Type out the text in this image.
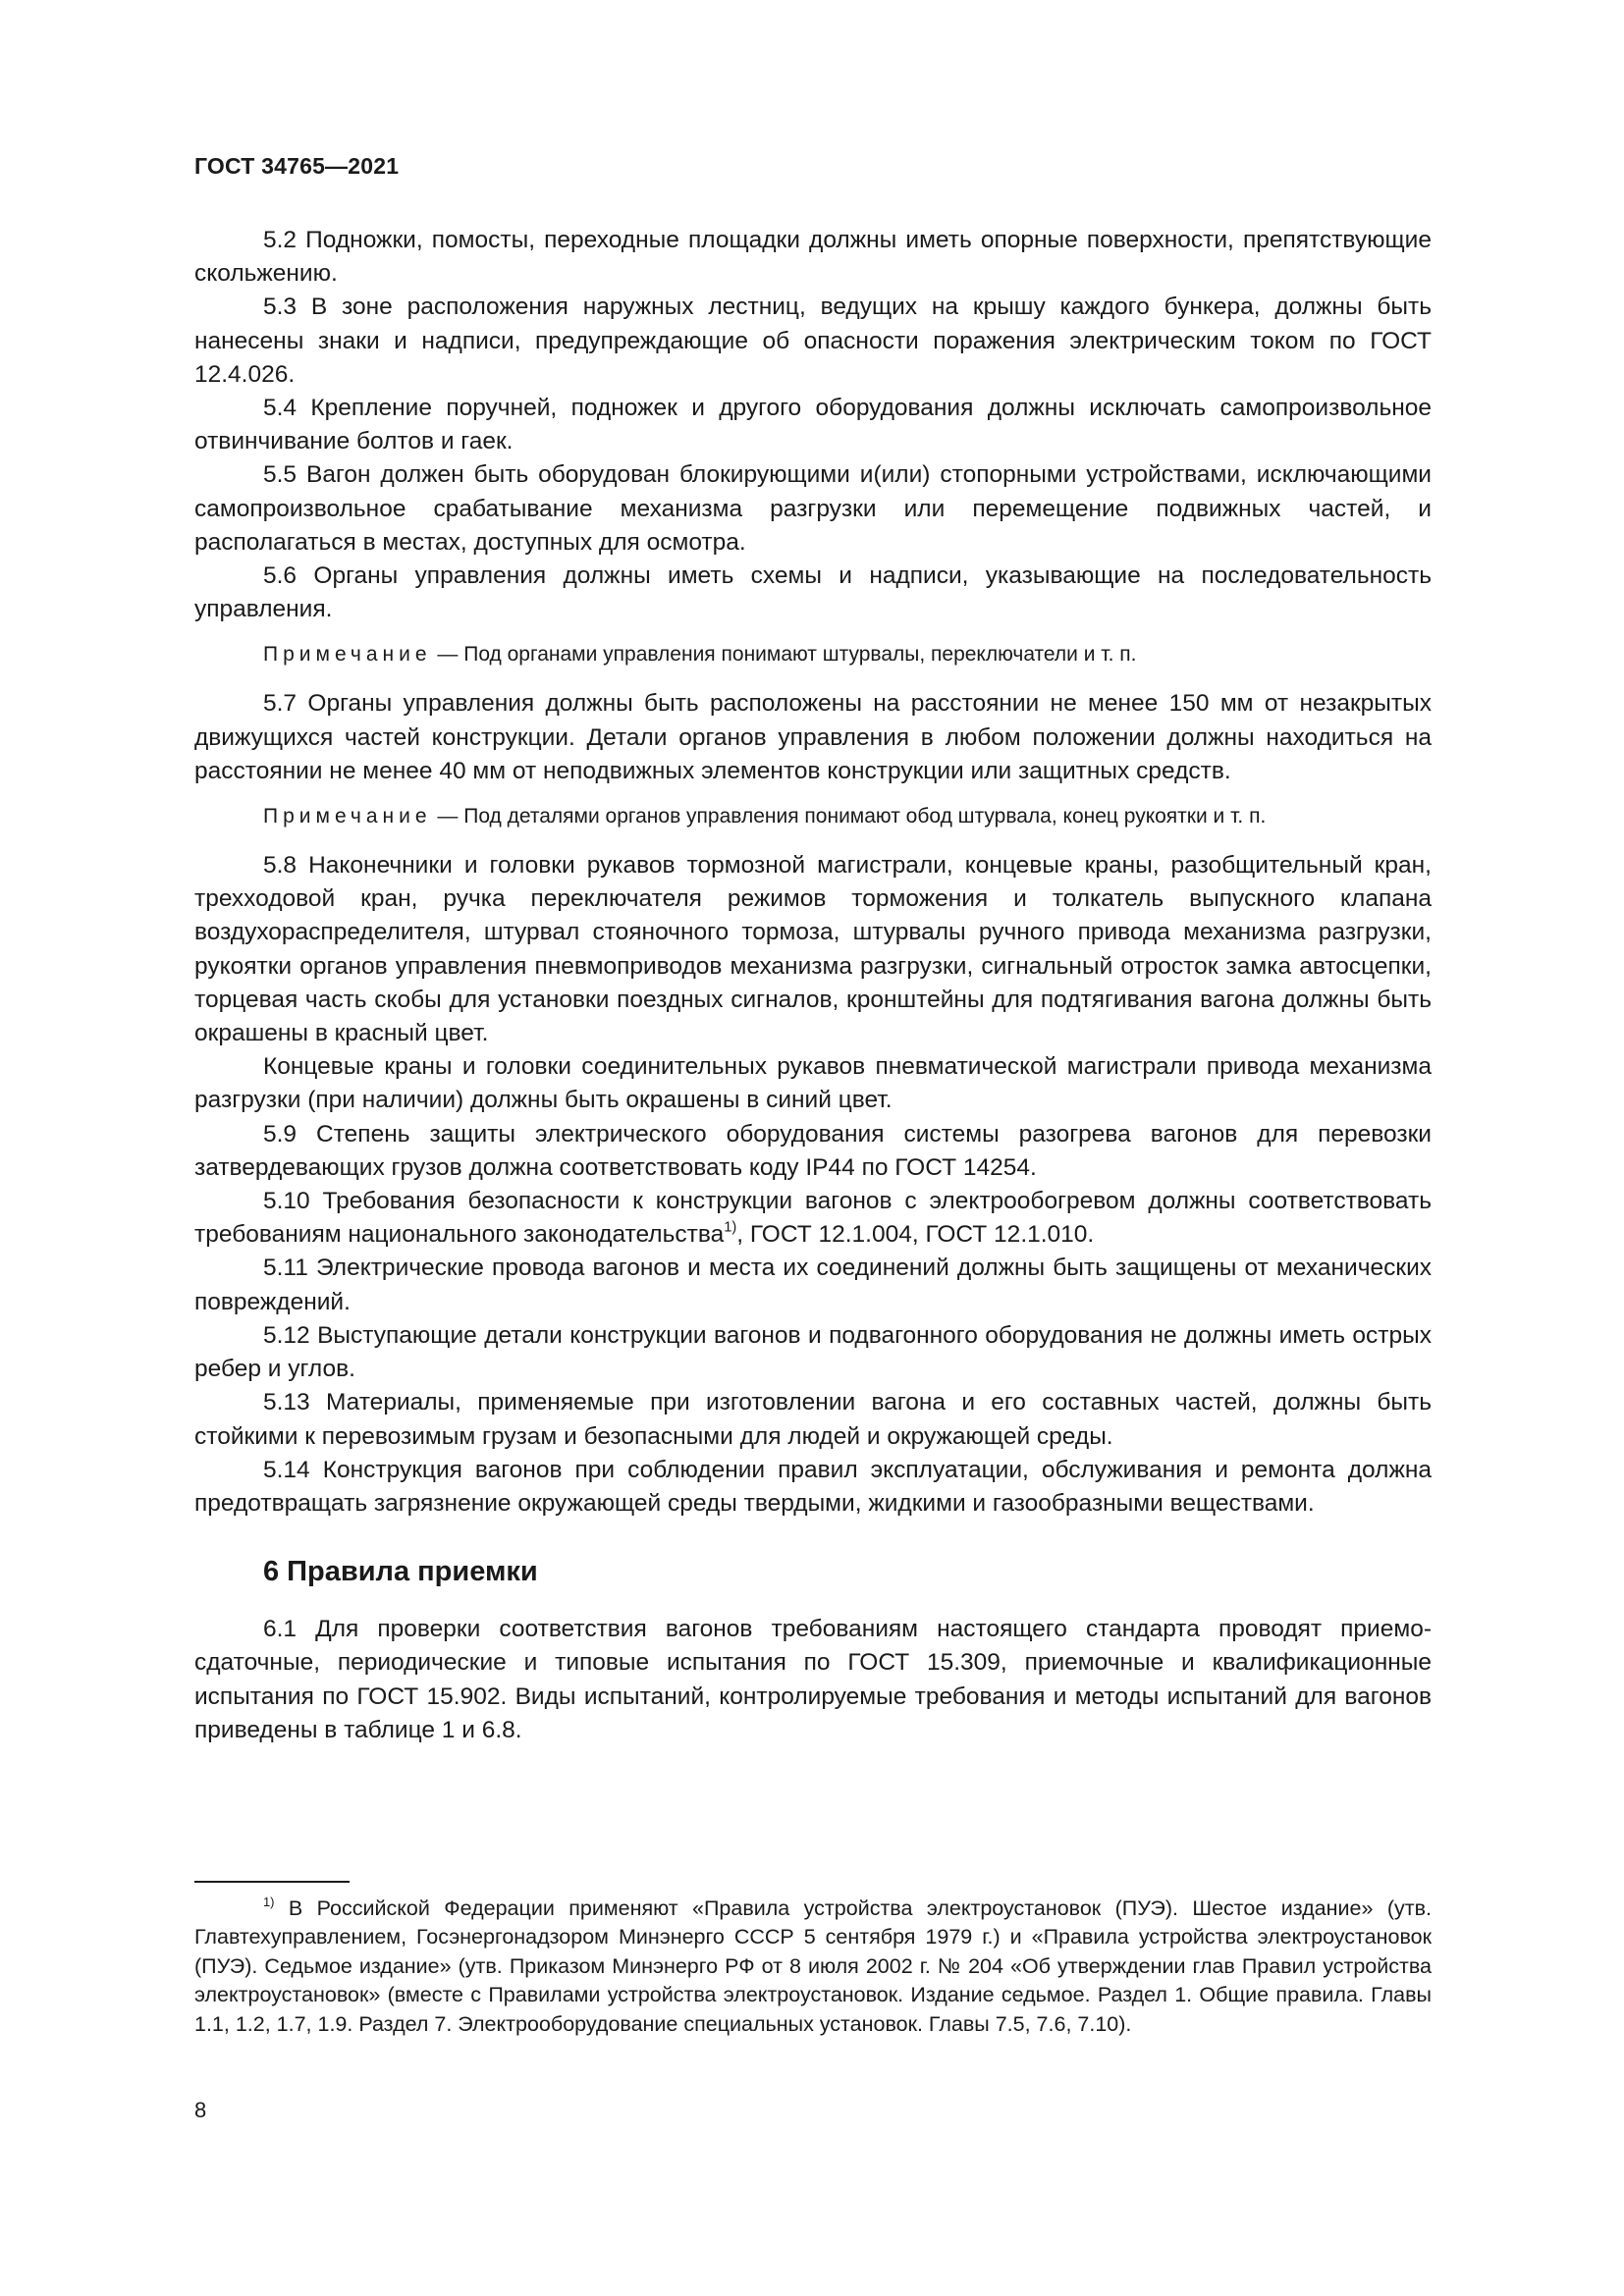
ГОСТ 34765—2021

5.2 Подножки, помосты, переходные площадки должны иметь опорные поверхности, препятствующие скольжению.

5.3 В зоне расположения наружных лестниц, ведущих на крышу каждого бункера, должны быть нанесены знаки и надписи, предупреждающие об опасности поражения электрическим током по ГОСТ 12.4.026.

5.4 Крепление поручней, подножек и другого оборудования должны исключать самопроизвольное отвинчивание болтов и гаек.

5.5 Вагон должен быть оборудован блокирующими и(или) стопорными устройствами, исключающими самопроизвольное срабатывание механизма разгрузки или перемещение подвижных частей, и располагаться в местах, доступных для осмотра.

5.6 Органы управления должны иметь схемы и надписи, указывающие на последовательность управления.

Примечание — Под органами управления понимают штурвалы, переключатели и т. п.

5.7 Органы управления должны быть расположены на расстоянии не менее 150 мм от незакрытых движущихся частей конструкции. Детали органов управления в любом положении должны находиться на расстоянии не менее 40 мм от неподвижных элементов конструкции или защитных средств.

Примечание — Под деталями органов управления понимают обод штурвала, конец рукоятки и т. п.

5.8 Наконечники и головки рукавов тормозной магистрали, концевые краны, разобщительный кран, трехходовой кран, ручка переключателя режимов торможения и толкатель выпускного клапана воздухораспределителя, штурвал стояночного тормоза, штурвалы ручного привода механизма разгрузки, рукоятки органов управления пневмоприводов механизма разгрузки, сигнальный отросток замка автосцепки, торцевая часть скобы для установки поездных сигналов, кронштейны для подтягивания вагона должны быть окрашены в красный цвет.

Концевые краны и головки соединительных рукавов пневматической магистрали привода механизма разгрузки (при наличии) должны быть окрашены в синий цвет.

5.9 Степень защиты электрического оборудования системы разогрева вагонов для перевозки затвердевающих грузов должна соответствовать коду IP44 по ГОСТ 14254.

5.10 Требования безопасности к конструкции вагонов с электрообогревом должны соответствовать требованиям национального законодательства$^{1)}$, ГОСТ 12.1.004, ГОСТ 12.1.010.

5.11 Электрические провода вагонов и места их соединений должны быть защищены от механических повреждений.

5.12 Выступающие детали конструкции вагонов и подвагонного оборудования не должны иметь острых ребер и углов.

5.13 Материалы, применяемые при изготовлении вагона и его составных частей, должны быть стойкими к перевозимым грузам и безопасными для людей и окружающей среды.

5.14 Конструкция вагонов при соблюдении правил эксплуатации, обслуживания и ремонта должна предотвращать загрязнение окружающей среды твердыми, жидкими и газообразными веществами.

6 Правила приемки

6.1 Для проверки соответствия вагонов требованиям настоящего стандарта проводят приемо-сдаточные, периодические и типовые испытания по ГОСТ 15.309, приемочные и квалификационные испытания по ГОСТ 15.902. Виды испытаний, контролируемые требования и методы испытаний для вагонов приведены в таблице 1 и 6.8.

$^{1)}$ В Российской Федерации применяют «Правила устройства электроустановок (ПУЭ). Шестое издание» (утв. Главтехуправлением, Госэнергонадзором Минэнерго СССР 5 сентября 1979 г.) и «Правила устройства электроустановок (ПУЭ). Седьмое издание» (утв. Приказом Минэнерго РФ от 8 июля 2002 г. № 204 «Об утверждении глав Правил устройства электроустановок» (вместе с Правилами устройства электроустановок. Издание седьмое. Раздел 1. Общие правила. Главы 1.1, 1.2, 1.7, 1.9. Раздел 7. Электрооборудование специальных установок. Главы 7.5, 7.6, 7.10).

8
